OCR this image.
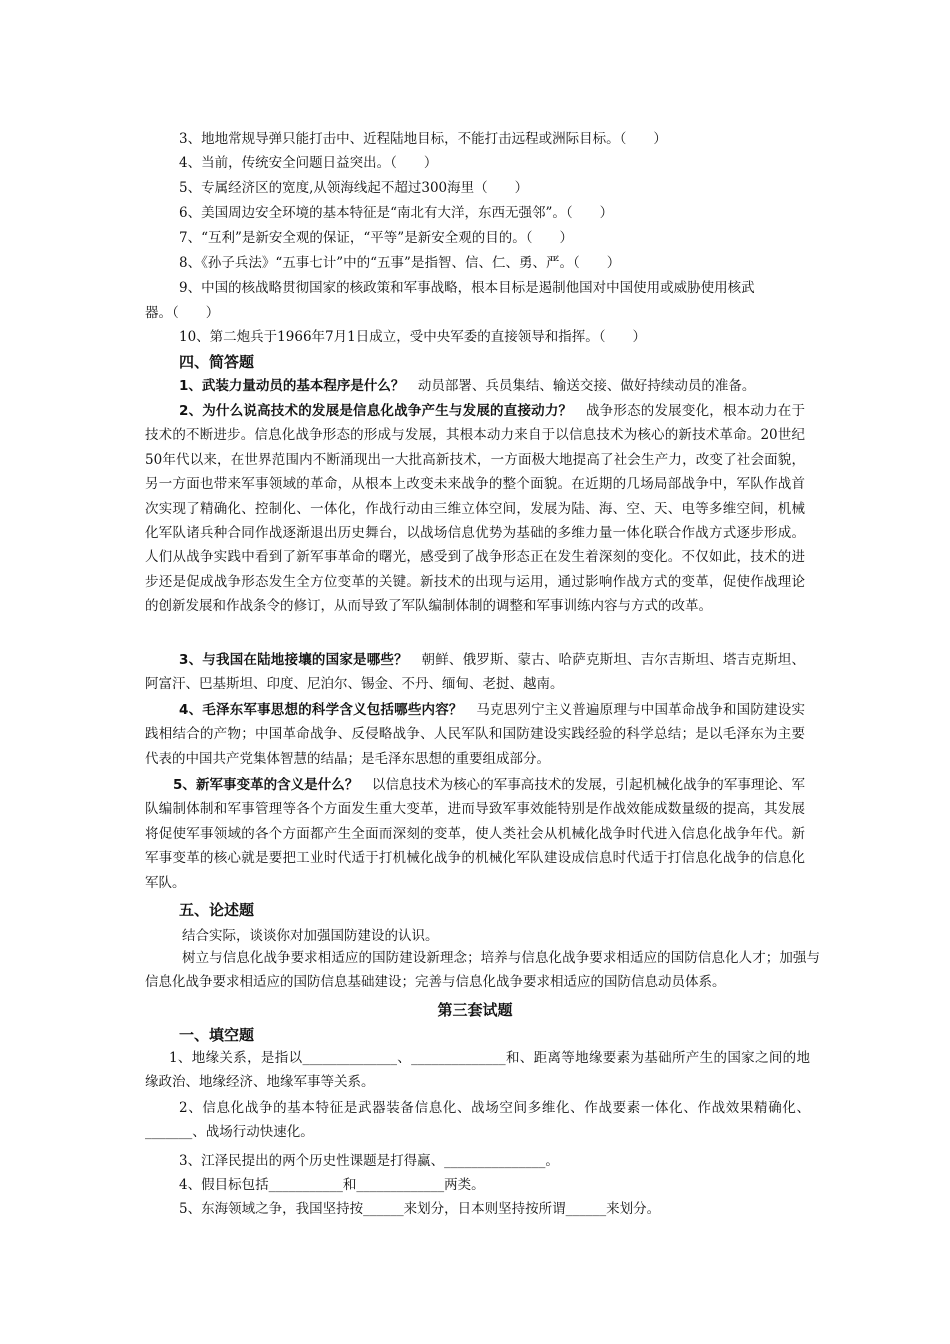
3、地地常规导弹只能打击中、近程陆地目标，不能打击远程或洲际目标。（　　）
4、当前，传统安全问题日益突出。（　　）
5、专属经济区的宽度,从领海线起不超过300海里（　　）
6、美国周边安全环境的基本特征是“南北有大洋，东西无强邻”。（　　）
7、“互利”是新安全观的保证，“平等”是新安全观的目的。（　　）
8、《孙子兵法》“五事七计”中的“五事”是指智、信、仁、勇、严。（　　）
9、中国的核战略贯彻国家的核政策和军事战略，根本目标是遏制他国对中国使用或威胁使用核武
器。（　　）
10、第二炮兵于1966年7月1日成立，受中央军委的直接领导和指挥。（　　）
四、简答题
1、武装力量动员的基本程序是什么？　动员部署、兵员集结、输送交接、做好持续动员的准备。
2、为什么说高技术的发展是信息化战争产生与发展的直接动力？　战争形态的发展变化，根本动力在于技术的不断进步。信息化战争形态的形成与发展，其根本动力来自于以信息技术为核心的新技术革命。20世纪50年代以来，在世界范围内不断涌现出一大批高新技术，一方面极大地提高了社会生产力，改变了社会面貌，另一方面也带来军事领域的革命，从根本上改变未来战争的整个面貌。在近期的几场局部战争中，军队作战首次实现了精确化、控制化、一体化，作战行动由三维立体空间，发展为陆、海、空、天、电等多维空间，机械化军队诸兵种合同作战逐渐退出历史舞台，以战场信息优势为基础的多维力量一体化联合作战方式逐步形成。人们从战争实践中看到了新军事革命的曙光，感受到了战争形态正在发生着深刻的变化。不仅如此，技术的进步还是促成战争形态发生全方位变革的关键。新技术的出现与运用，通过影响作战方式的变革，促使作战理论的创新发展和作战条令的修订，从而导致了军队编制体制的调整和军事训练内容与方式的改革。
3、与我国在陆地接壤的国家是哪些？　朝鲜、俄罗斯、蒙古、哈萨克斯坦、吉尔吉斯坦、塔吉克斯坦、阿富汗、巴基斯坦、印度、尼泊尔、锡金、不丹、缅甸、老挝、越南。
4、毛泽东军事思想的科学含义包括哪些内容？　马克思列宁主义普遍原理与中国革命战争和国防建设实践相结合的产物；中国革命战争、反侵略战争、人民军队和国防建设实践经验的科学总结；是以毛泽东为主要代表的中国共产党集体智慧的结晶；是毛泽东思想的重要组成部分。
5、新军事变革的含义是什么？　以信息技术为核心的军事高技术的发展，引起机械化战争的军事理论、军队编制体制和军事管理等各个方面发生重大变革，进而导致军事效能特别是作战效能成数量级的提高，其发展将促使军事领域的各个方面都产生全面而深刻的变革，使人类社会从机械化战争时代进入信息化战争年代。新军事变革的核心就是要把工业时代适于打机械化战争的机械化军队建设成信息时代适于打信息化战争的信息化军队。
五、论述题
结合实际，谈谈你对加强国防建设的认识。
树立与信息化战争要求相适应的国防建设新理念；培养与信息化战争要求相适应的国防信息化人才；加强与信息化战争要求相适应的国防信息基础建设；完善与信息化战争要求相适应的国防信息动员体系。
第三套试题
一、填空题
1、地缘关系，是指以______________、______________和、距离等地缘要素为基础所产生的国家之间的地缘政治、地缘经济、地缘军事等关系。
2、信息化战争的基本特征是武器装备信息化、战场空间多维化、作战要素一体化、作战效果精确化、_______、战场行动快速化。
3、江泽民提出的两个历史性课题是打得赢、_______________。
4、假目标包括___________和_____________两类。
5、东海领域之争，我国坚持按______来划分，日本则坚持按所谓______来划分。
